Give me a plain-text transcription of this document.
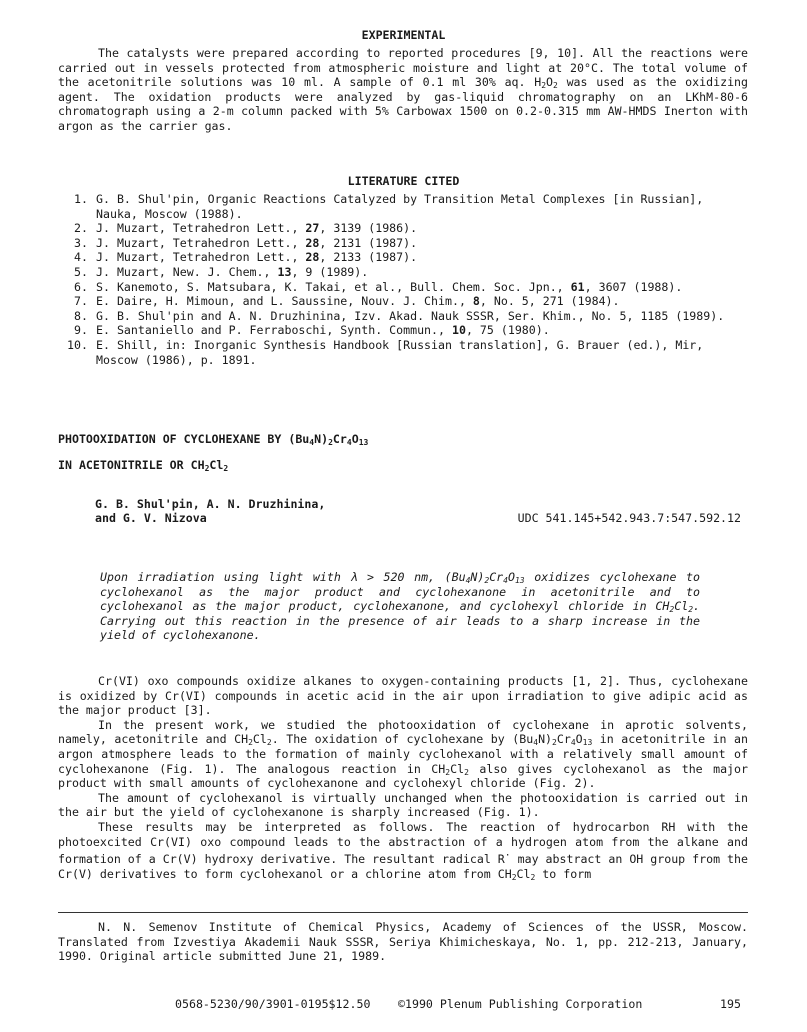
EXPERIMENTAL

The catalysts were prepared according to reported procedures [9, 10]. All the reactions were carried out in vessels protected from atmospheric moisture and light at 20°C. The total volume of the acetonitrile solutions was 10 ml. A sample of 0.1 ml 30% aq. $H_2O_2$ was used as the oxidizing agent. The oxidation products were analyzed by gas-liquid chromatography on an LKhM-80-6 chromatograph using a 2-m column packed with 5% Carbowax 1500 on 0.2-0.315 mm AW-HMDS Inerton with argon as the carrier gas.

LITERATURE CITED
1. G. B. Shul'pin, Organic Reactions Catalyzed by Transition Metal Complexes [in Russian], Nauka, Moscow (1988).
2. J. Muzart, Tetrahedron Lett., 27, 3139 (1986).
3. J. Muzart, Tetrahedron Lett., 28, 2131 (1987).
4. J. Muzart, Tetrahedron Lett., 28, 2133 (1987).
5. J. Muzart, New. J. Chem., 13, 9 (1989).
6. S. Kanemoto, S. Matsubara, K. Takai, et al., Bull. Chem. Soc. Jpn., 61, 3607 (1988).
7. E. Daire, H. Mimoun, and L. Saussine, Nouv. J. Chim., 8, No. 5, 271 (1984).
8. G. B. Shul'pin and A. N. Druzhinina, Izv. Akad. Nauk SSSR, Ser. Khim., No. 5, 1185 (1989).
9. E. Santaniello and P. Ferraboschi, Synth. Commun., 10, 75 (1980).
10. E. Shill, in: Inorganic Synthesis Handbook [Russian translation], G. Brauer (ed.), Mir, Moscow (1986), p. 1891.
PHOTOOXIDATION OF CYCLOHEXANE BY $(Bu_4N)_2Cr_4O_{13}$
IN ACETONITRILE OR $CH_2Cl_2$
G. B. Shul'pin, A. N. Druzhinina,
and G. V. Nizova	UDC 541.145+542.943.7:547.592.12
Upon irradiation using light with λ > 520 nm, $(Bu_4N)_2Cr_4O_{13}$ oxidizes cyclohexane to cyclohexanol as the major product and cyclohexanone in acetonitrile and to cyclohexanol as the major product, cyclohexanone, and cyclohexyl chloride in $CH_2Cl_2$. Carrying out this reaction in the presence of air leads to a sharp increase in the yield of cyclohexanone.

Cr(VI) oxo compounds oxidize alkanes to oxygen-containing products [1, 2]. Thus, cyclohexane is oxidized by Cr(VI) compounds in acetic acid in the air upon irradiation to give adipic acid as the major product [3].

In the present work, we studied the photooxidation of cyclohexane in aprotic solvents, namely, acetonitrile and $CH_2Cl_2$. The oxidation of cyclohexane by $(Bu_4N)_2Cr_4O_{13}$ in acetonitrile in an argon atmosphere leads to the formation of mainly cyclohexanol with a relatively small amount of cyclohexanone (Fig. 1). The analogous reaction in $CH_2Cl_2$ also gives cyclohexanol as the major product with small amounts of cyclohexanone and cyclohexyl chloride (Fig. 2).

The amount of cyclohexanol is virtually unchanged when the photooxidation is carried out in the air but the yield of cyclohexanone is sharply increased (Fig. 1).

These results may be interpreted as follows. The reaction of hydrocarbon RH with the photoexcited Cr(VI) oxo compound leads to the abstraction of a hydrogen atom from the alkane and formation of a Cr(V) hydroxy derivative. The resultant radical R· may abstract an OH group from the Cr(V) derivatives to form cyclohexanol or a chlorine atom from $CH_2Cl_2$ to form

N. N. Semenov Institute of Chemical Physics, Academy of Sciences of the USSR, Moscow. Translated from Izvestiya Akademii Nauk SSSR, Seriya Khimicheskaya, No. 1, pp. 212-213, January, 1990. Original article submitted June 21, 1989.

0568-5230/90/3901-0195$12.50 ©1990 Plenum Publishing Corporation	195
